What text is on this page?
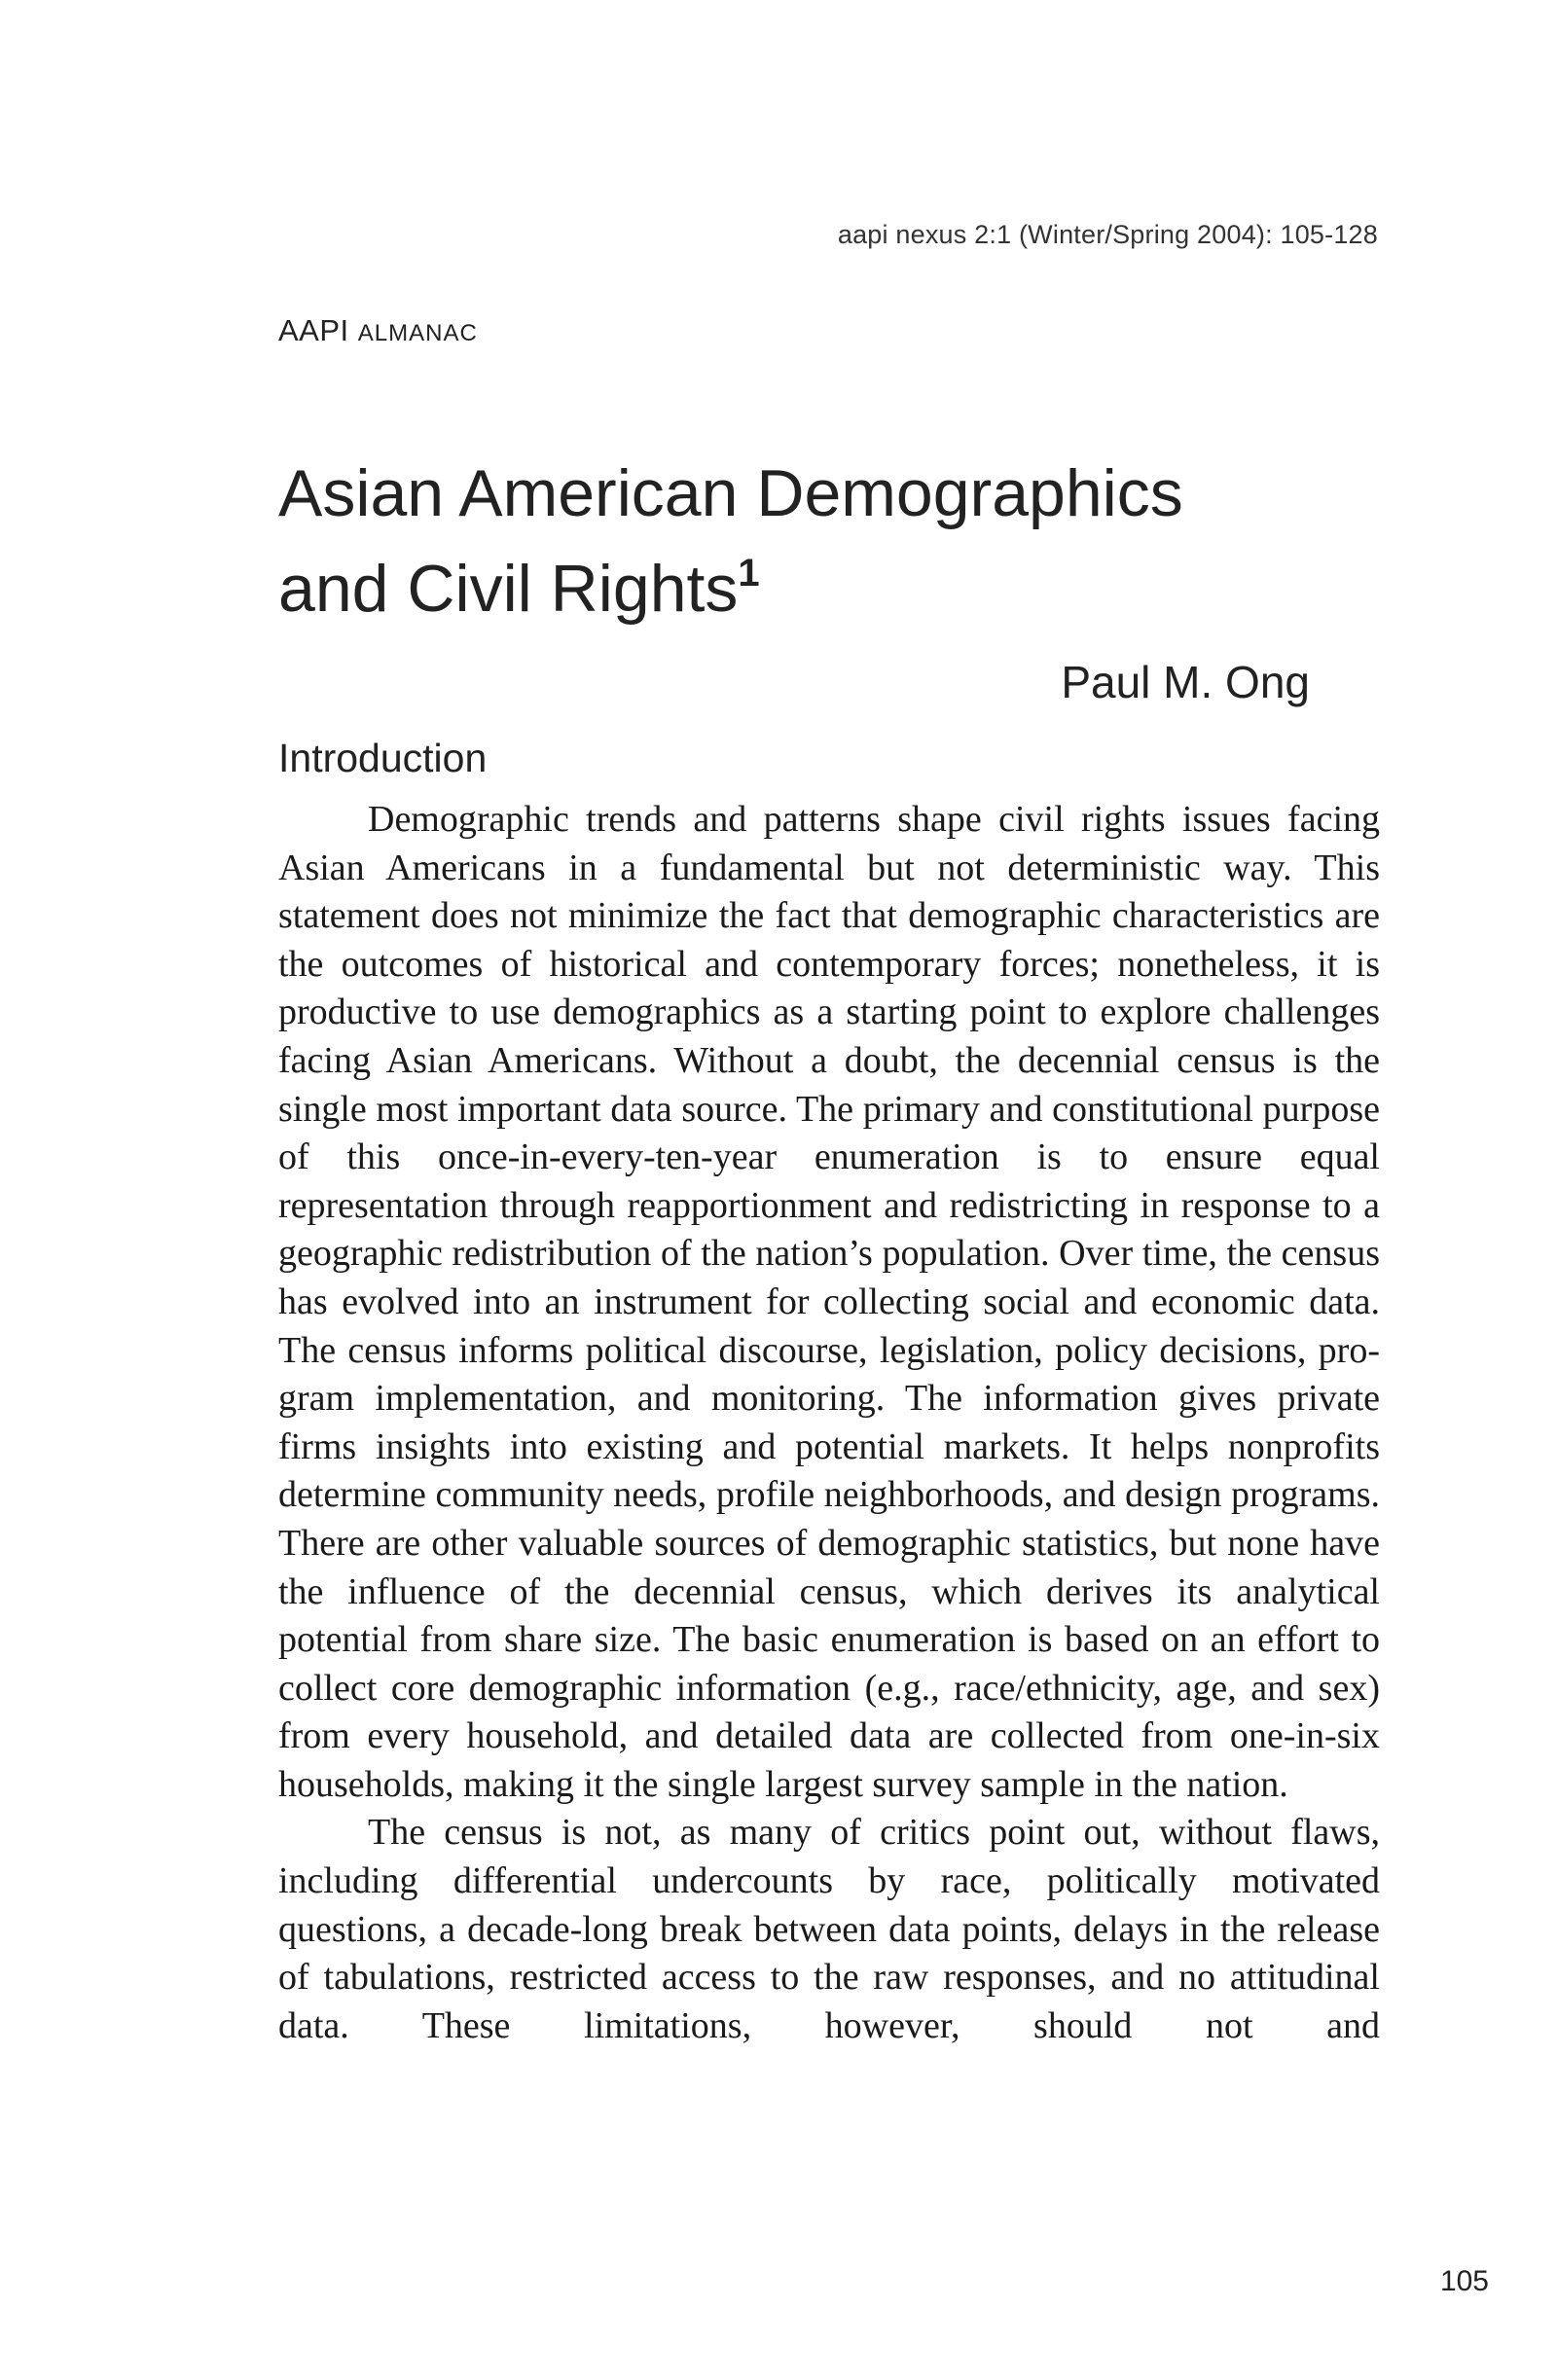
aapi nexus 2:1 (Winter/Spring 2004): 105-128
AAPI ALMANAC
Asian American Demographics
and Civil Rights$^1$
Paul M. Ong
Introduction

Demographic trends and patterns shape civil rights issues facing Asian Americans in a fundamental but not deterministic way. This statement does not minimize the fact that demographic characteristics are the outcomes of historical and contemporary forces; nonetheless, it is productive to use demographics as a starting point to explore challenges facing Asian Americans. Without a doubt, the decennial census is the single most important data source. The primary and constitutional purpose of this once-in-every-ten-year enumeration is to ensure equal representation through reapportionment and redistricting in response to a geographic redistribution of the nation’s population. Over time, the census has evolved into an instrument for collecting social and economic data. The census informs political discourse, legislation, policy decisions, program implementation, and monitoring. The information gives private firms insights into existing and potential markets. It helps nonprofits determine community needs, profile neighborhoods, and design programs. There are other valuable sources of demographic statistics, but none have the influence of the decennial census, which derives its analytical potential from share size. The basic enumeration is based on an effort to collect core demographic information (e.g., race/ethnicity, age, and sex) from every household, and detailed data are collected from one-in-six households, making it the single largest survey sample in the nation.

The census is not, as many of critics point out, without flaws, including differential undercounts by race, politically motivated questions, a decade-long break between data points, delays in the release of tabulations, restricted access to the raw responses, and no attitudinal data. These limitations, however, should not and

105
